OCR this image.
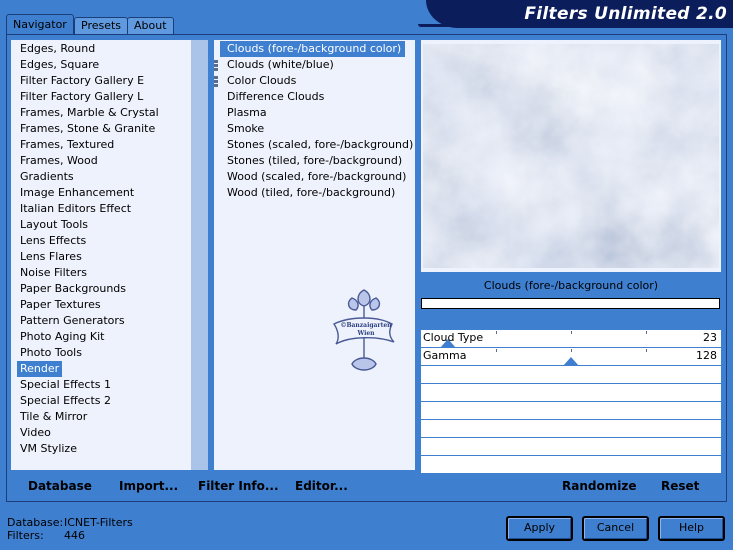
Navigator	Presets	About
Filters Unlimited 2.0
Edges, Round
Edges, Square
Filter Factory Gallery E
Filter Factory Gallery L
Frames, Marble & Crystal
Frames, Stone & Granite
Frames, Textured
Frames, Wood
Gradients
Image Enhancement
Italian Editors Effect
Layout Tools
Lens Effects
Lens Flares
Noise Filters
Paper Backgrounds
Paper Textures
Pattern Generators
Photo Aging Kit
Photo Tools
Render
Special Effects 1
Special Effects 2
Tile & Mirror
Video
VM Stylize
Clouds (fore-/background color)
Clouds (white/blue)
Color Clouds
Difference Clouds
Plasma
Smoke
Stones (scaled, fore-/background)
Stones (tiled, fore-/background)
Wood (scaled, fore-/background)
Wood (tiled, fore-/background)
©Banzaigarten
Wien
Clouds (fore-/background color)
Cloud Type	23
Gamma	128
Database Import... Filter Info... Editor...	Randomize Reset
Database: ICNET-Filters
Filters:	446
Apply	Cancel	Help
